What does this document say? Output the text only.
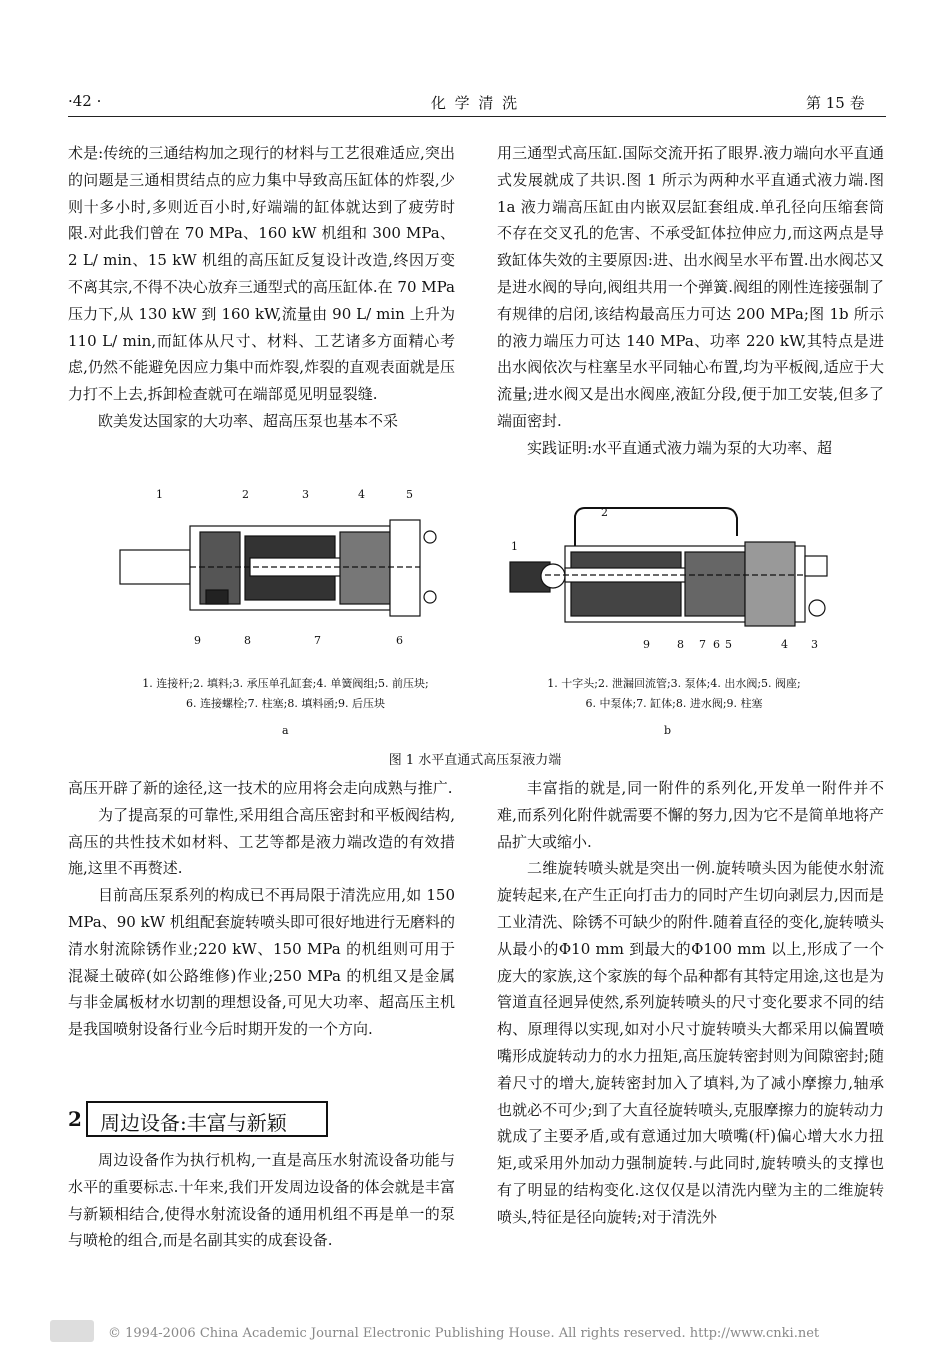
·42 ·	化 学 清 洗	第 15 卷

术是:传统的三通结构加之现行的材料与工艺很难适应,突出的问题是三通相贯结点的应力集中导致高压缸体的炸裂,少则十多小时,多则近百小时,好端端的缸体就达到了疲劳时限.对此我们曾在 70 MPa、160 kW 机组和 300 MPa、2 L/ min、15 kW 机组的高压缸反复设计改造,终因万变不离其宗,不得不决心放弃三通型式的高压缸体.在 70 MPa 压力下,从 130 kW 到 160 kW,流量由 90 L/ min 上升为 110 L/ min,而缸体从尺寸、材料、工艺诸多方面精心考虑,仍然不能避免因应力集中而炸裂,炸裂的直观表面就是压力打不上去,拆卸检查就可在端部觅见明显裂缝.

欧美发达国家的大功率、超高压泵也基本不采

用三通型式高压缸.国际交流开拓了眼界.液力端向水平直通式发展就成了共识.图 1 所示为两种水平直通式液力端.图 1a 液力端高压缸由内嵌双层缸套组成.单孔径向压缩套筒不存在交叉孔的危害、不承受缸体拉伸应力,而这两点是导致缸体失效的主要原因:进、出水阀呈水平布置.出水阀芯又是进水阀的导向,阀组共用一个弹簧.阀组的刚性连接强制了有规律的启闭,该结构最高压力可达 200 MPa;图 1b 所示的液力端压力可达 140 MPa、功率 220 kW,其特点是进出水阀依次与柱塞呈水平同轴心布置,均为平板阀,适应于大流量;进水阀又是出水阀座,液缸分段,便于加工安装,但多了端面密封.

实践证明:水平直通式液力端为泵的大功率、超

1	2	3	4	5
9	8	7	6
1. 连接杆;2. 填料;3. 承压单孔缸套;4. 单簧阀组;5. 前压块;
6. 连接螺栓;7. 柱塞;8. 填料函;9. 后压块
a
1
2
9 8 7 6 5	4 3
1. 十字头;2. 泄漏回流管;3. 泵体;4. 出水阀;5. 阀座;
6. 中泵体;7. 缸体;8. 进水阀;9. 柱塞
b
图 1 水平直通式高压泵液力端

高压开辟了新的途径,这一技术的应用将会走向成熟与推广.

为了提高泵的可靠性,采用组合高压密封和平板阀结构,高压的共性技术如材料、工艺等都是液力端改造的有效措施,这里不再赘述.

目前高压泵系列的构成已不再局限于清洗应用,如 150 MPa、90 kW 机组配套旋转喷头即可很好地进行无磨料的清水射流除锈作业;220 kW、150 MPa 的机组则可用于混凝土破碎(如公路维修)作业;250 MPa 的机组又是金属与非金属板材水切割的理想设备,可见大功率、超高压主机是我国喷射设备行业今后时期开发的一个方向.

2 周边设备:丰富与新颖

周边设备作为执行机构,一直是高压水射流设备功能与水平的重要标志.十年来,我们开发周边设备的体会就是丰富与新颖相结合,使得水射流设备的通用机组不再是单一的泵与喷枪的组合,而是名副其实的成套设备.

丰富指的就是,同一附件的系列化,开发单一附件并不难,而系列化附件就需要不懈的努力,因为它不是简单地将产品扩大或缩小.

二维旋转喷头就是突出一例.旋转喷头因为能使水射流旋转起来,在产生正向打击力的同时产生切向剥层力,因而是工业清洗、除锈不可缺少的附件.随着直径的变化,旋转喷头从最小的Φ10 mm 到最大的Φ100 mm 以上,形成了一个庞大的家族,这个家族的每个品种都有其特定用途,这也是为管道直径迥异使然,系列旋转喷头的尺寸变化要求不同的结构、原理得以实现,如对小尺寸旋转喷头大都采用以偏置喷嘴形成旋转动力的水力扭矩,高压旋转密封则为间隙密封;随着尺寸的增大,旋转密封加入了填料,为了减小摩擦力,轴承也就必不可少;到了大直径旋转喷头,克服摩擦力的旋转动力就成了主要矛盾,或有意通过加大喷嘴(杆)偏心增大水力扭矩,或采用外加动力强制旋转.与此同时,旋转喷头的支撑也有了明显的结构变化.这仅仅是以清洗内壁为主的二维旋转喷头,特征是径向旋转;对于清洗外

© 1994-2006 China Academic Journal Electronic Publishing House. All rights reserved. http://www.cnki.net
